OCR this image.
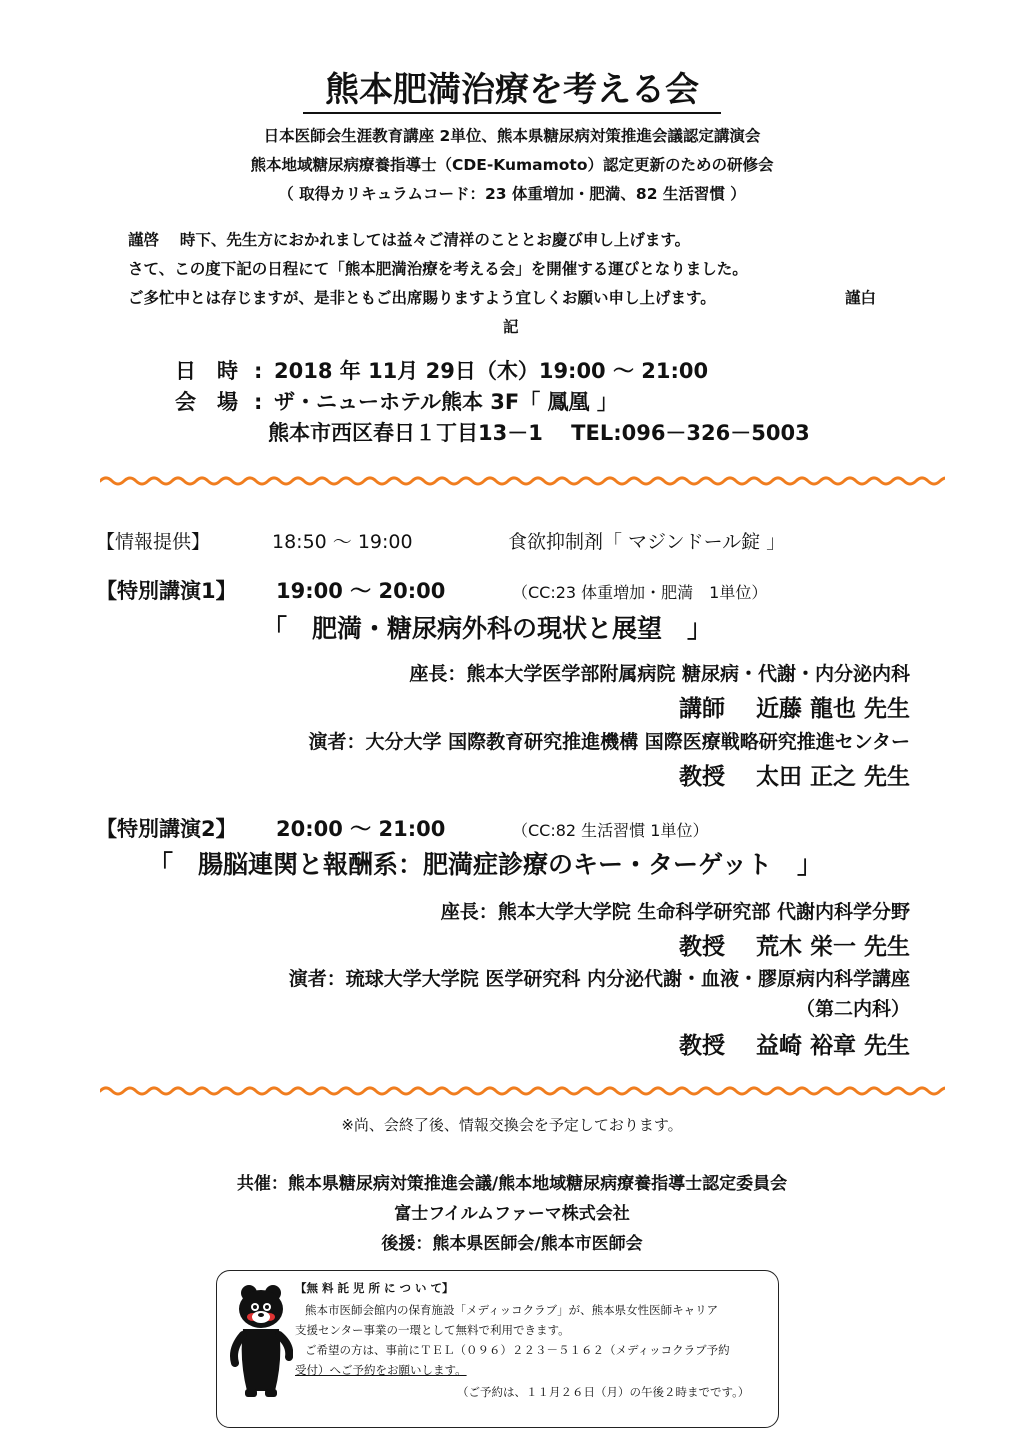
熊本肥満治療を考える会
日本医師会生涯教育講座 2単位、熊本県糖尿病対策推進会議認定講演会
熊本地域糖尿病療養指導士（CDE-Kumamoto）認定更新のための研修会
（ 取得カリキュラムコード：23 体重増加・肥満、82 生活習慣 ）
謹啓　 時下、先生方におかれましては益々ご清祥のこととお慶び申し上げます。
さて、この度下記の日程にて「熊本肥満治療を考える会」を開催する運びとなりました。
ご多忙中とは存じますが、是非ともご出席賜りますよう宜しくお願い申し上げます。	謹白
記
日　時 : 2018 年 11月 29日（木）19:00 ～ 21:00
会　場 : ザ・ニューホテル熊本 3F「 鳳凰 」
熊本市西区春日１丁目13－1　 TEL:096－326－5003
【情報提供】	18:50 ～ 19:00	食欲抑制剤「 マジンドール錠 」
【特別講演1】 19:00 ～ 20:00	（CC:23 体重増加・肥満　1単位）
「　肥満・糖尿病外科の現状と展望　」
座長：熊本大学医学部附属病院 糖尿病・代謝・内分泌内科
講師　 近藤 龍也 先生
演者：大分大学 国際教育研究推進機構 国際医療戦略研究推進センター
教授　 太田 正之 先生
【特別講演2】 20:00 ～ 21:00	（CC:82 生活習慣 1単位）
「　腸脳連関と報酬系：肥満症診療のキー・ターゲット　」
座長：熊本大学大学院 生命科学研究部 代謝内科学分野
教授　 荒木 栄一 先生
演者：琉球大学大学院 医学研究科 内分泌代謝・血液・膠原病内科学講座
（第二内科）
教授　 益崎 裕章 先生
※尚、会終了後、情報交換会を予定しております。
共催：熊本県糖尿病対策推進会議/熊本地域糖尿病療養指導士認定委員会
富士フイルムファーマ株式会社
後援：熊本県医師会/熊本市医師会
【無 料 託 児 所 に つ い て】
熊本市医師会館内の保育施設「メディッコクラブ」が、熊本県女性医師キャリア
支援センター事業の一環として無料で利用できます。
ご希望の方は、事前にＴＥＬ（０９６）２２３－５１６２（メディッコクラブ予約
受付）へご予約をお願いします。
（ご予約は、１１月２６日（月）の午後２時までです。）
